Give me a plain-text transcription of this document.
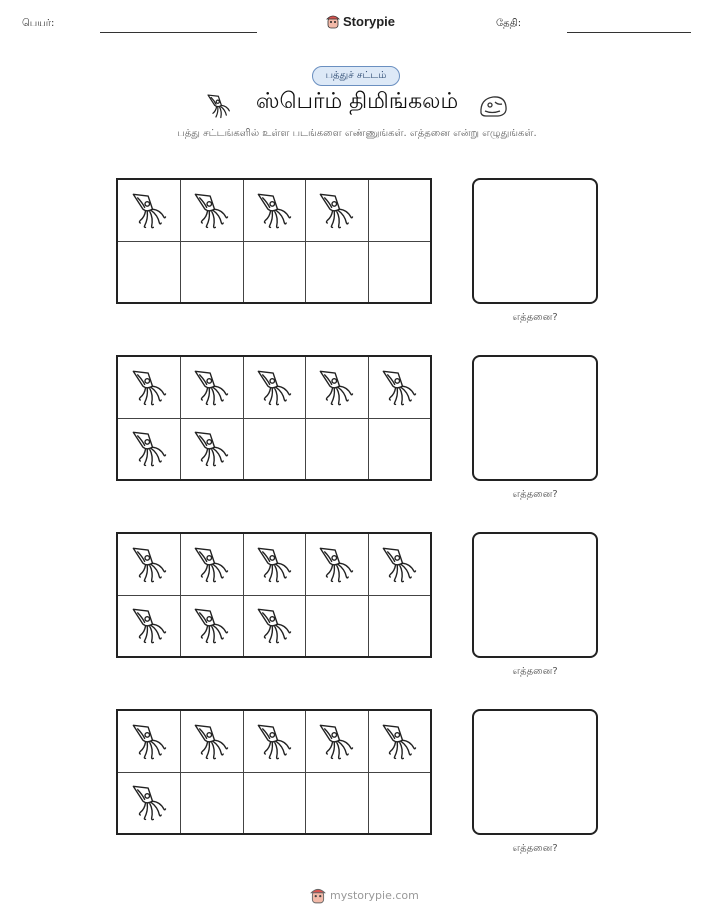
பெயர்:	Storypie	தேதி:
பத்துச் சட்டம்
ஸ்பெர்ம் திமிங்கலம்
பத்து சட்டங்களில் உள்ள படங்களை எண்ணுங்கள். எத்தனை என்று எழுதுங்கள்.
எத்தனை?
எத்தனை?
எத்தனை?
எத்தனை?
mystorypie.com
